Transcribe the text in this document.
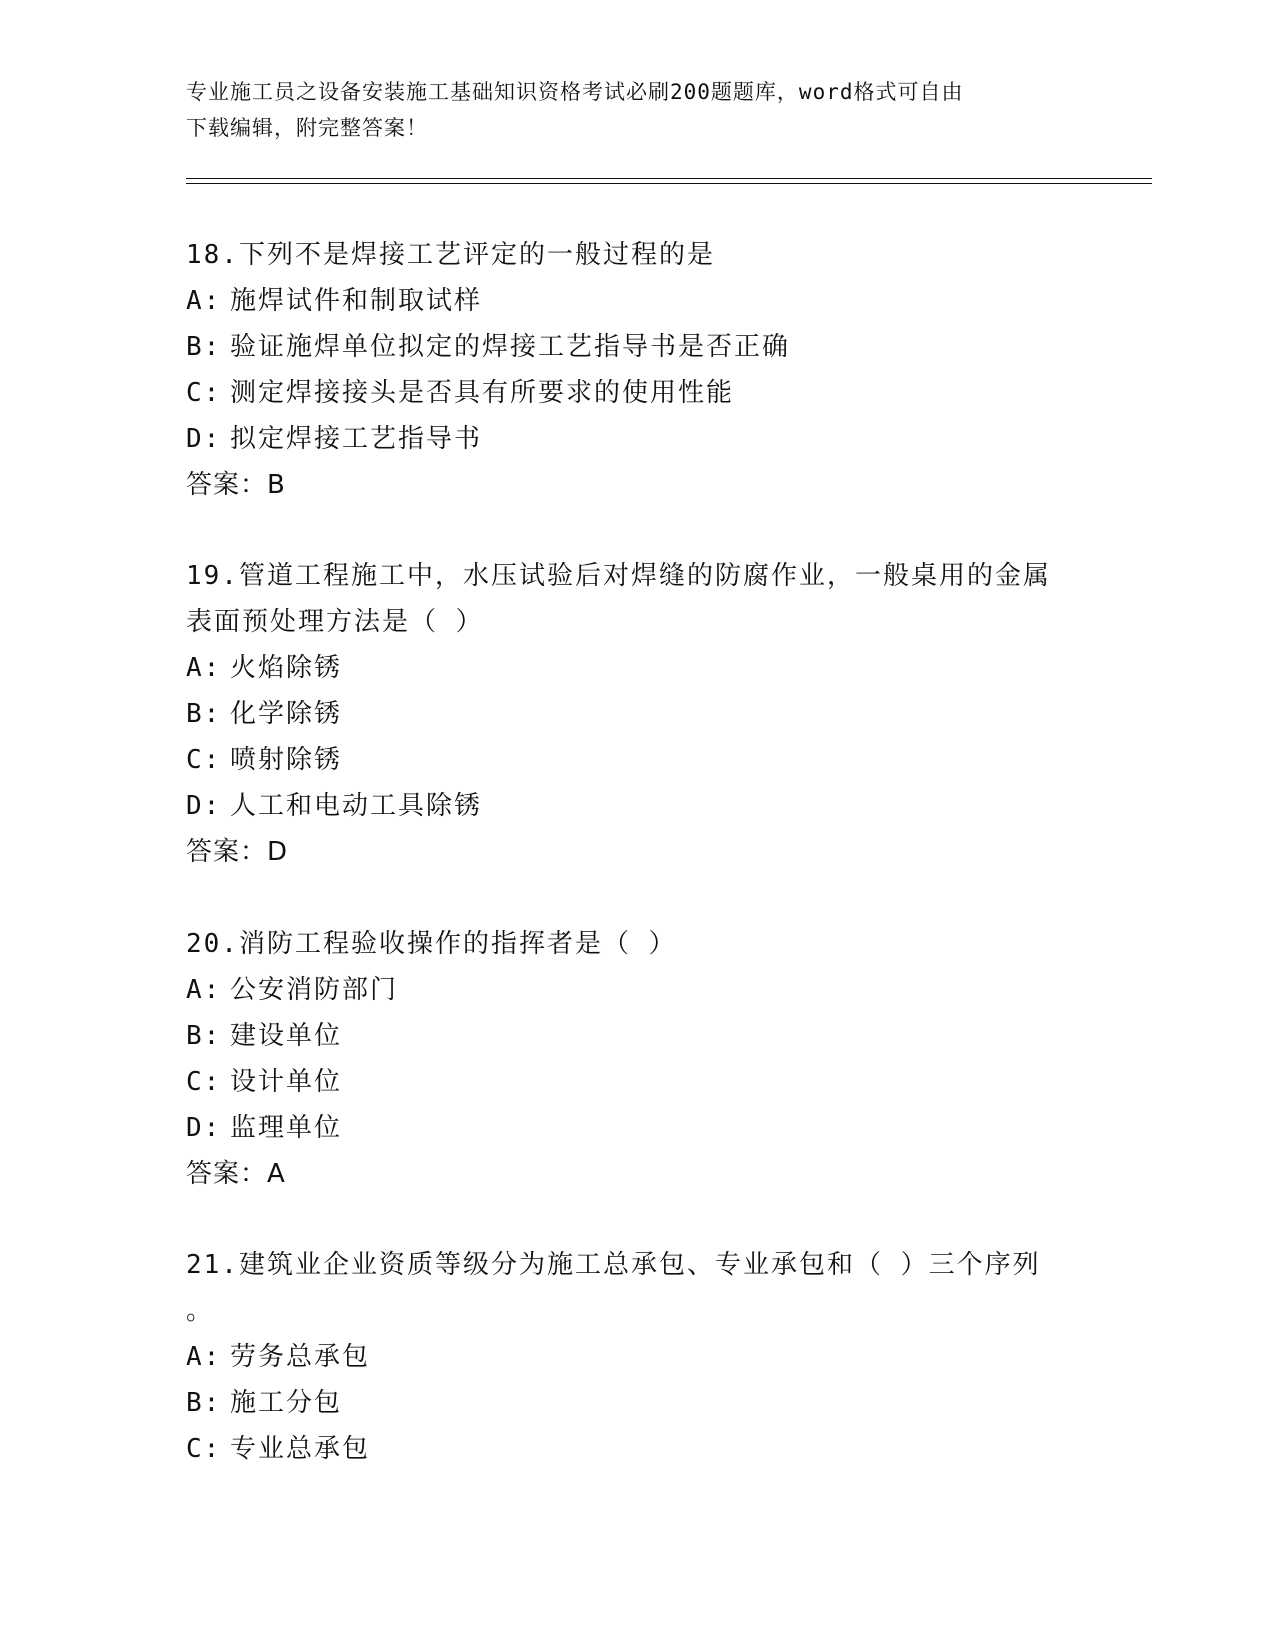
专业施工员之设备安装施工基础知识资格考试必刷200题题库，word格式可自由
下载编辑，附完整答案！
18.下列不是焊接工艺评定的一般过程的是
A: 施焊试件和制取试样
B: 验证施焊单位拟定的焊接工艺指导书是否正确
C: 测定焊接接头是否具有所要求的使用性能
D: 拟定焊接工艺指导书
答案：B
19.管道工程施工中，水压试验后对焊缝的防腐作业，一般桌用的金属
表面预处理方法是（ ）
A: 火焰除锈
B: 化学除锈
C: 喷射除锈
D: 人工和电动工具除锈
答案：D
20.消防工程验收操作的指挥者是（ ）
A: 公安消防部门
B: 建设单位
C: 设计单位
D: 监理单位
答案：A
21.建筑业企业资质等级分为施工总承包、专业承包和（ ）三个序列
。
A: 劳务总承包
B: 施工分包
C: 专业总承包
